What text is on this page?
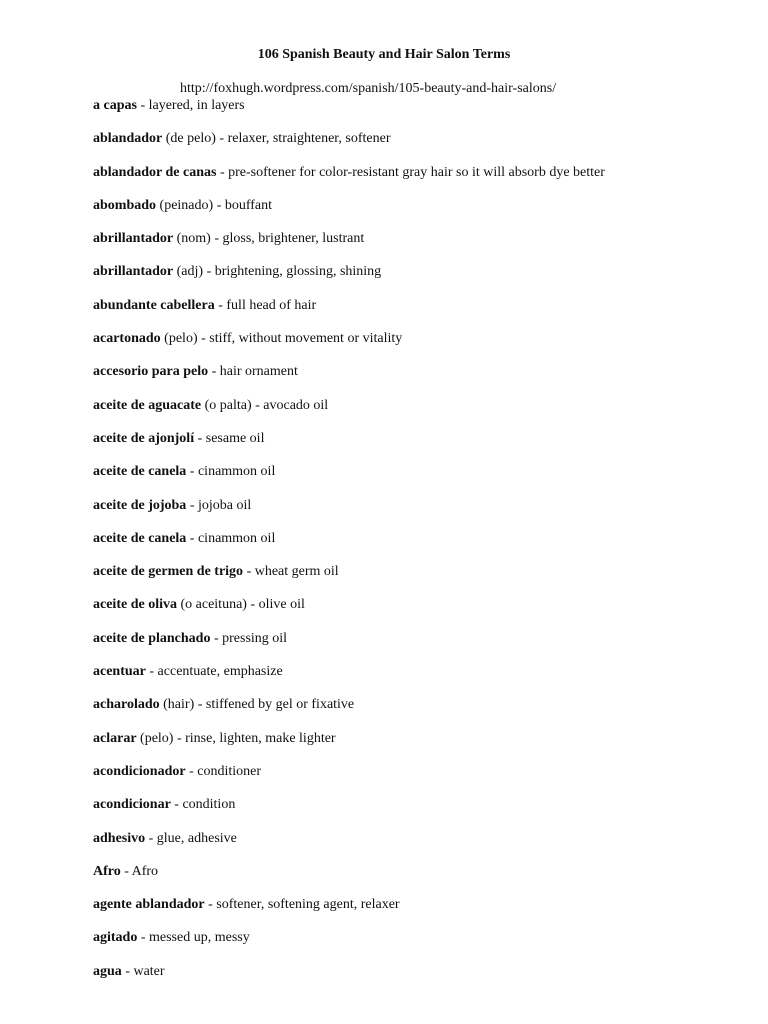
106 Spanish Beauty and Hair Salon Terms

http://foxhugh.wordpress.com/spanish/105-beauty-and-hair-salons/

a capas - layered, in layers
ablandador (de pelo) - relaxer, straightener, softener
ablandador de canas - pre-softener for color-resistant gray hair so it will absorb dye better
abombado (peinado) - bouffant
abrillantador (nom) - gloss, brightener, lustrant
abrillantador (adj) - brightening, glossing, shining
abundante cabellera - full head of hair
acartonado (pelo) - stiff, without movement or vitality
accesorio para pelo - hair ornament
aceite de aguacate (o palta) - avocado oil
aceite de ajonjolí - sesame oil
aceite de canela - cinammon oil
aceite de jojoba - jojoba oil
aceite de canela - cinammon oil
aceite de germen de trigo - wheat germ oil
aceite de oliva (o aceituna) - olive oil
aceite de planchado - pressing oil
acentuar - accentuate, emphasize
acharolado (hair) - stiffened by gel or fixative
aclarar (pelo) - rinse, lighten, make lighter
acondicionador - conditioner
acondicionar - condition
adhesivo - glue, adhesive
Afro - Afro
agente ablandador - softener, softening agent, relaxer
agitado - messed up, messy
agua - water
